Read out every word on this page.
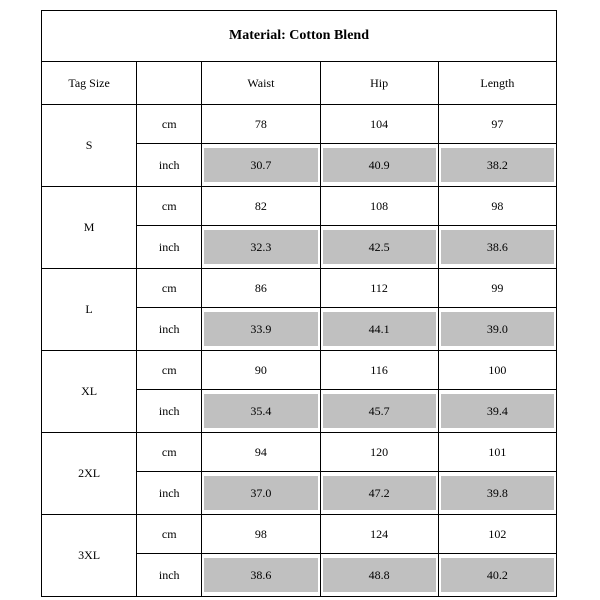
Material: Cotton Blend				
Tag Size		Waist	Hip	Length
S	cm	78	104	97
	inch	30.7	40.9	38.2

M	cm	82	108	98
	inch	32.3	42.5	38.6

L	cm	86	112	99
	inch	33.9	44.1	39.0

XL	cm	90	116	100
	inch	35.4	45.7	39.4

2XL	cm	94	120	101
	inch	37.0	47.2	39.8

3XL	cm	98	124	102
	inch	38.6	48.8	40.2
